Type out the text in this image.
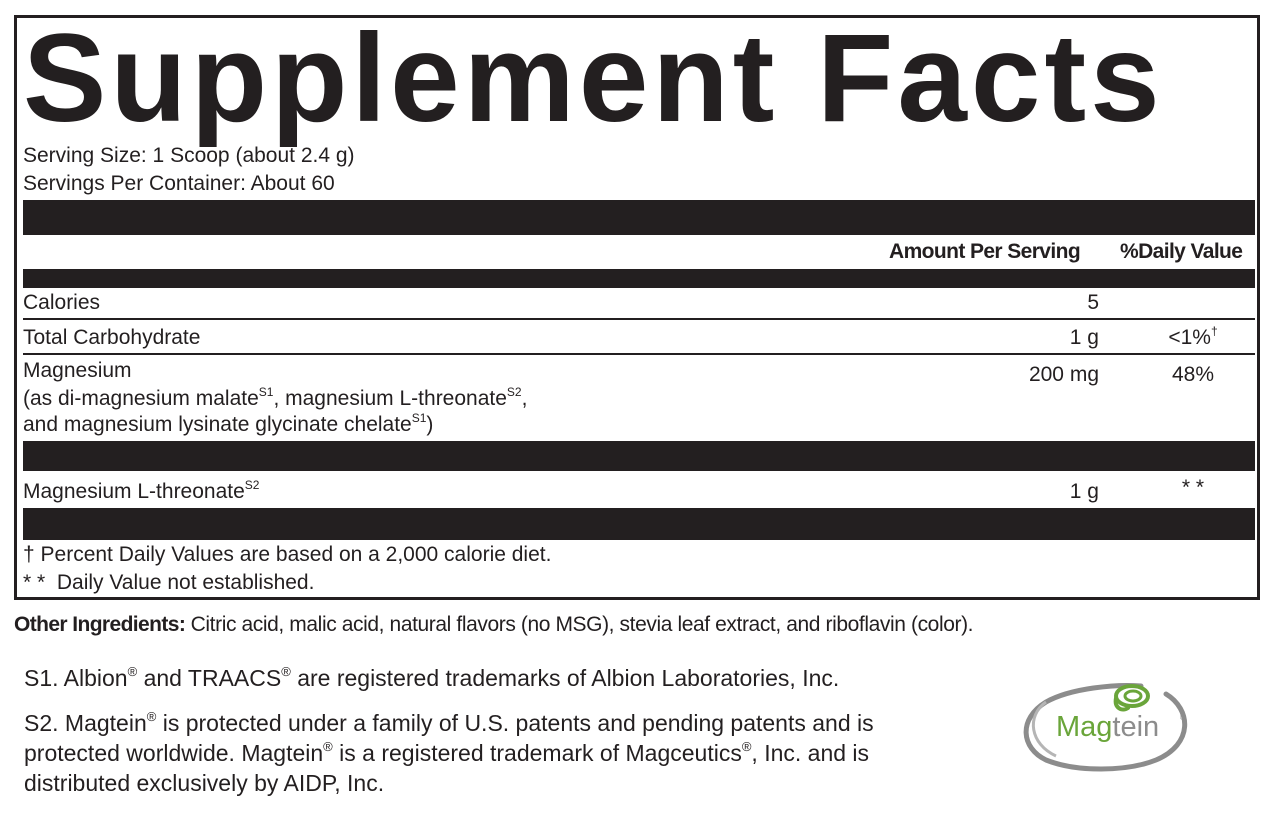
Supplement Facts
Serving Size: 1 Scoop (about 2.4 g)
Servings Per Container: About 60
Amount Per Serving %Daily Value
Calories	5
Total Carbohydrate	1 g	<1%†
Magnesium
(as di-magnesium malate$^{S1}$, magnesium L-threonate$^{S2}$,
and magnesium lysinate glycinate chelate$^{S1}$)
200 mg	48%
Magnesium L-threonate$^{S2}$	1 g	* *
† Percent Daily Values are based on a 2,000 calorie diet.
* *  Daily Value not established.
Other Ingredients: Citric acid, malic acid, natural flavors (no MSG), stevia leaf extract, and riboflavin (color).
S1. Albion® and TRAACS® are registered trademarks of Albion Laboratories, Inc.
S2. Magtein® is protected under a family of U.S. patents and pending patents and is
protected worldwide. Magtein® is a registered trademark of Magceutics®, Inc. and is
distributed exclusively by AIDP, Inc.
Magtein	®
